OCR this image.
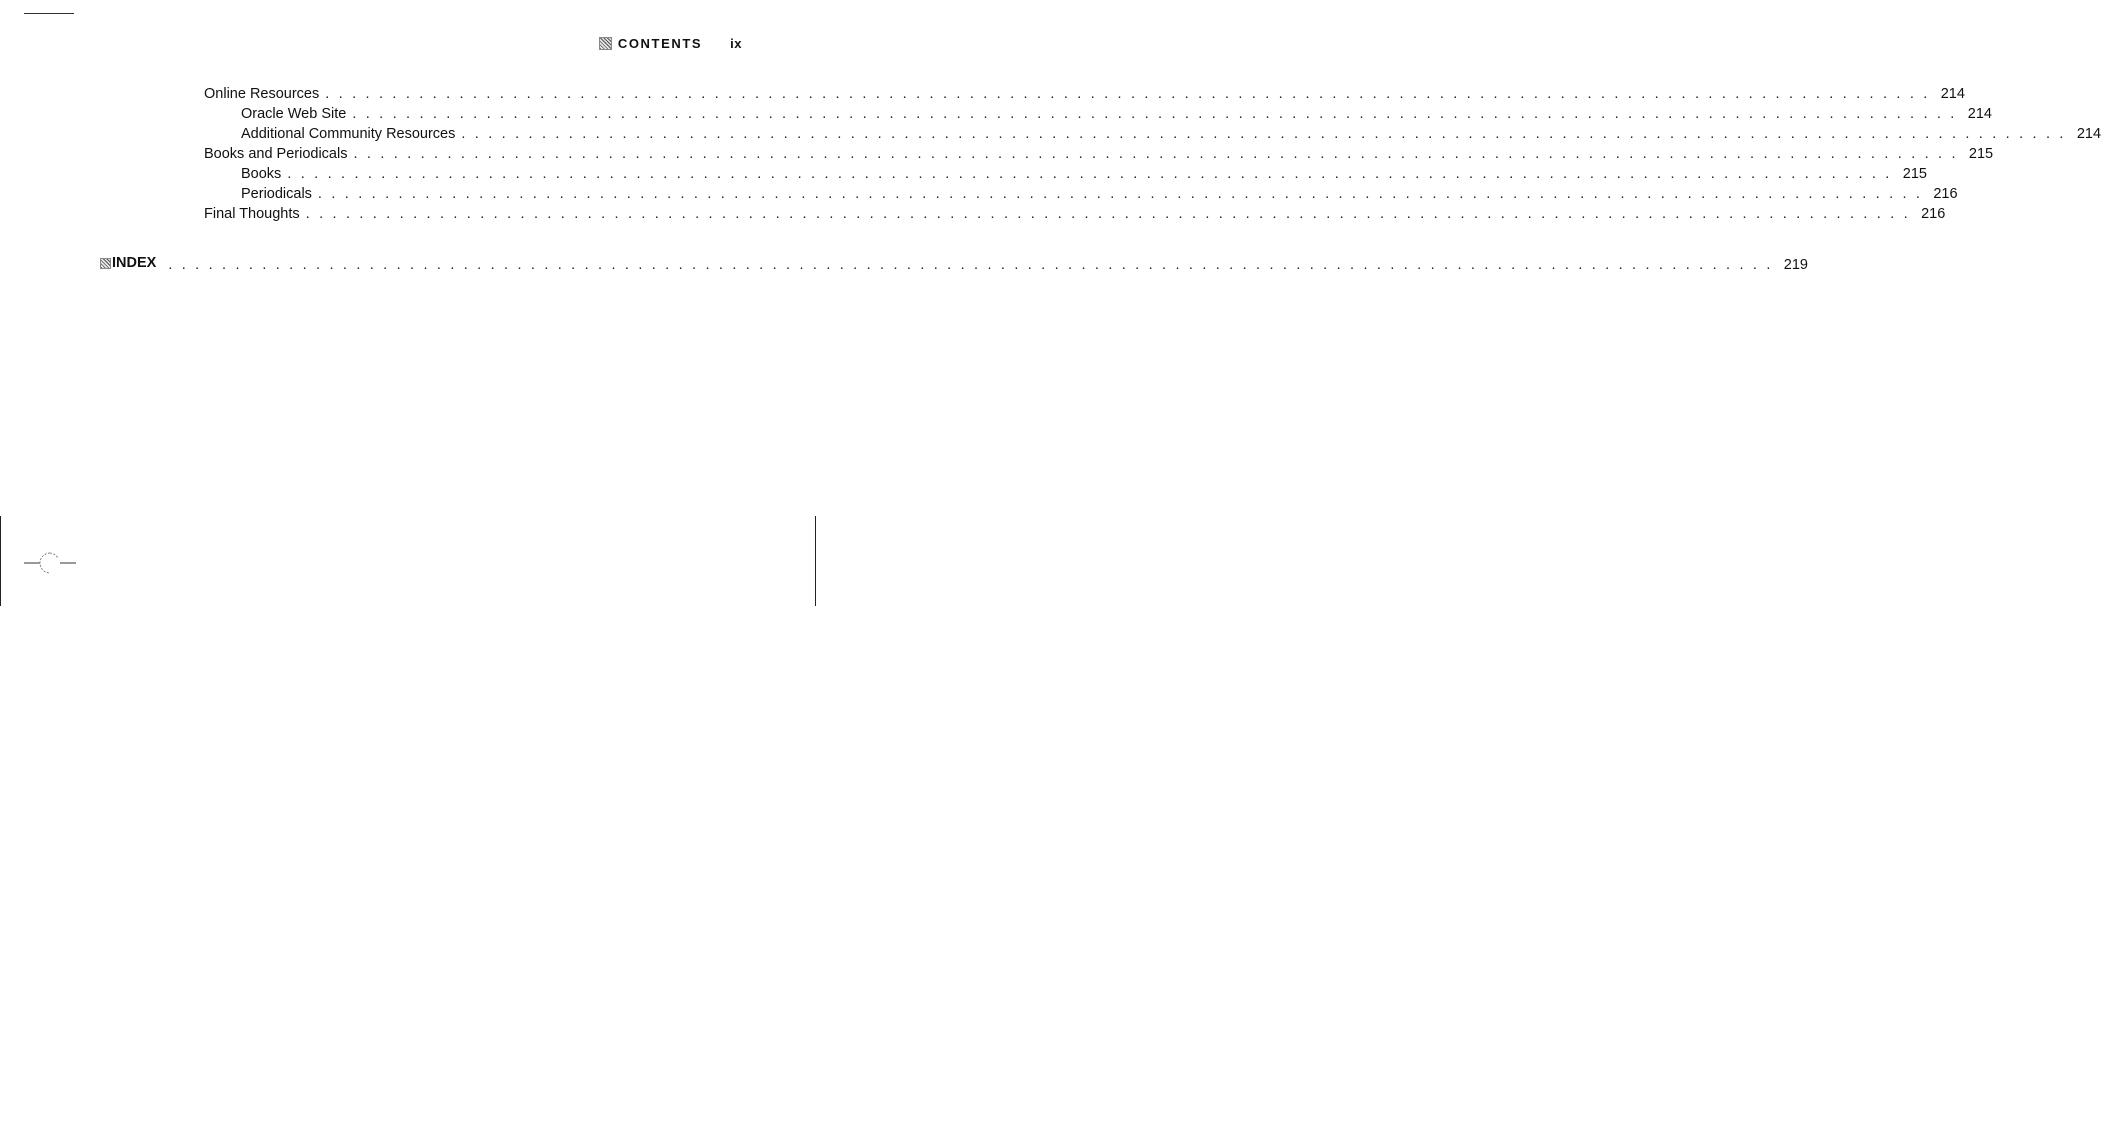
CONTENTS ix
Online Resources ........................................................................................................................ 214
Oracle Web Site ........................................................................................................................ 214
Additional Community Resources ........................................................................................................................ 214
Books and Periodicals ........................................................................................................................ 215
Books ........................................................................................................................ 215
Periodicals ........................................................................................................................ 216
Final Thoughts ........................................................................................................................ 216
INDEX ........................................................................................................................ 219
